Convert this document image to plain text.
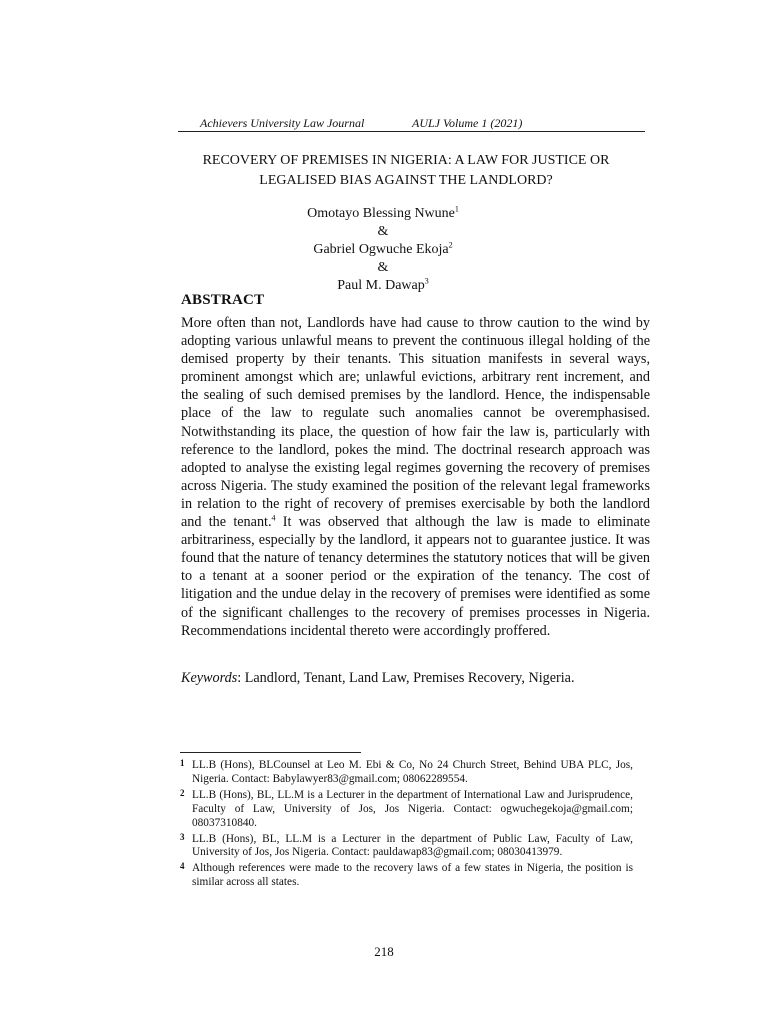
Achievers University Law Journal	AULJ Volume 1 (2021)
RECOVERY OF PREMISES IN NIGERIA: A LAW FOR JUSTICE OR
LEGALISED BIAS AGAINST THE LANDLORD?
Omotayo Blessing Nwune$^1$
&
Gabriel Ogwuche Ekoja$^2$
&
Paul M. Dawap$^3$
ABSTRACT

More often than not, Landlords have had cause to throw caution to the wind by adopting various unlawful means to prevent the continuous illegal holding of the demised property by their tenants. This situation manifests in several ways, prominent amongst which are; unlawful evictions, arbitrary rent increment, and the sealing of such demised premises by the landlord. Hence, the indispensable place of the law to regulate such anomalies cannot be overemphasised. Notwithstanding its place, the question of how fair the law is, particularly with reference to the landlord, pokes the mind. The doctrinal research approach was adopted to analyse the existing legal regimes governing the recovery of premises across Nigeria. The study examined the position of the relevant legal frameworks in relation to the right of recovery of premises exercisable by both the landlord and the tenant.$^4$ It was observed that although the law is made to eliminate arbitrariness, especially by the landlord, it appears not to guarantee justice. It was found that the nature of tenancy determines the statutory notices that will be given to a tenant at a sooner period or the expiration of the tenancy. The cost of litigation and the undue delay in the recovery of premises were identified as some of the significant challenges to the recovery of premises processes in Nigeria. Recommendations incidental thereto were accordingly proffered.

Keywords: Landlord, Tenant, Land Law, Premises Recovery, Nigeria.
1 LL.B (Hons), BLCounsel at Leo M. Ebi & Co, No 24 Church Street, Behind UBA PLC, Jos, Nigeria. Contact: Babylawyer83@gmail.com; 08062289554.
2 LL.B (Hons), BL, LL.M is a Lecturer in the department of International Law and Jurisprudence, Faculty of Law, University of Jos, Jos Nigeria. Contact: ogwuchegekoja@gmail.com; 08037310840.
3 LL.B (Hons), BL, LL.M is a Lecturer in the department of Public Law, Faculty of Law, University of Jos, Jos Nigeria. Contact: pauldawap83@gmail.com; 08030413979.
4 Although references were made to the recovery laws of a few states in Nigeria, the position is similar across all states.
218
